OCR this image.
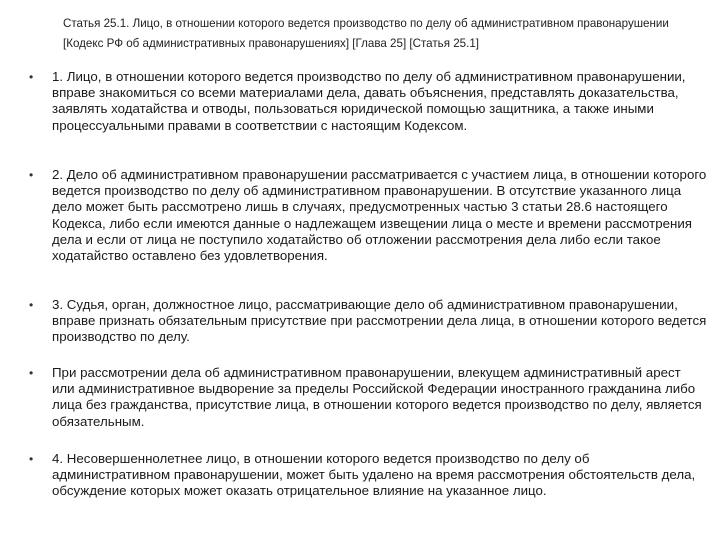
Статья 25.1. Лицо, в отношении которого ведется производство по делу об административном правонарушении
[Кодекс РФ об административных правонарушениях] [Глава 25] [Статья 25.1]
• 1. Лицо, в отношении которого ведется производство по делу об административном правонарушении, вправе знакомиться со всеми материалами дела, давать объяснения, представлять доказательства, заявлять ходатайства и отводы, пользоваться юридической помощью защитника, а также иными процессуальными правами в соответствии с настоящим Кодексом.
• 2. Дело об административном правонарушении рассматривается с участием лица, в отношении которого ведется производство по делу об административном правонарушении. В отсутствие указанного лица дело может быть рассмотрено лишь в случаях, предусмотренных частью 3 статьи 28.6 настоящего Кодекса, либо если имеются данные о надлежащем извещении лица о месте и времени рассмотрения дела и если от лица не поступило ходатайство об отложении рассмотрения дела либо если такое ходатайство оставлено без удовлетворения.
• 3. Судья, орган, должностное лицо, рассматривающие дело об административном правонарушении, вправе признать обязательным присутствие при рассмотрении дела лица, в отношении которого ведется производство по делу.
• При рассмотрении дела об административном правонарушении, влекущем административный арест или административное выдворение за пределы Российской Федерации иностранного гражданина либо лица без гражданства, присутствие лица, в отношении которого ведется производство по делу, является обязательным.
• 4. Несовершеннолетнее лицо, в отношении которого ведется производство по делу об административном правонарушении, может быть удалено на время рассмотрения обстоятельств дела, обсуждение которых может оказать отрицательное влияние на указанное лицо.
